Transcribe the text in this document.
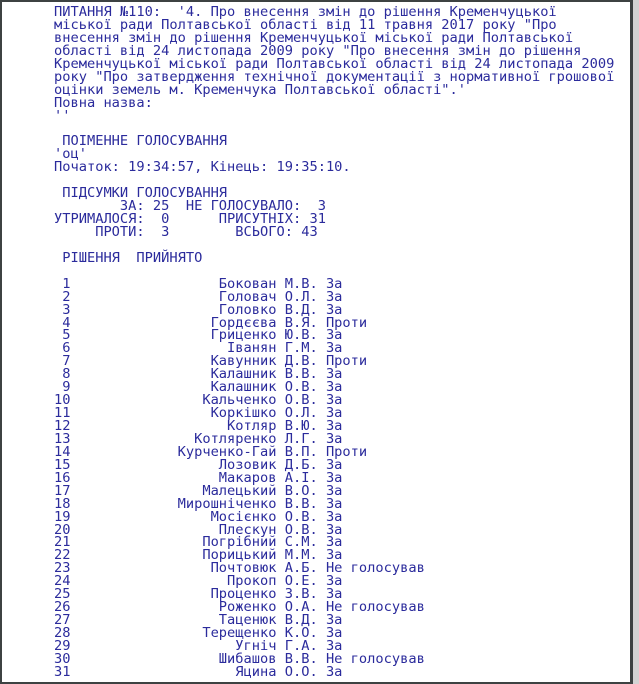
ПИТАННЯ №110:  '4. Про внесення змін до рішення Кременчуцької
міської ради Полтавської області від 11 травня 2017 року "Про
внесення змін до рішення Кременчуцької міської ради Полтавської
області від 24 листопада 2009 року "Про внесення змін до рішення
Кременчуцької міської ради Полтавської області від 24 листопада 2009
року "Про затвердження технічної документації з нормативної грошової
оцінки земель м. Кременчука Полтавської області".'
Повна назва:
''
ПОІМЕННЕ ГОЛОСУВАННЯ
'оц'
Початок: 19:34:57, Кінець: 19:35:10.
ПІДСУМКИ ГОЛОСУВАННЯ
ЗА: 25  НЕ ГОЛОСУВАЛО:  3
УТРИМАЛОСЯ:  0      ПРИСУТНІХ: 31
ПРОТИ:  3        ВСЬОГО: 43
РІШЕННЯ  ПРИЙНЯТО
1                  Бокован М.В. За
2                  Головач О.Л. За
3                  Головко В.Д. За
4                 Гордєєва В.Я. Проти
5                 Гриценко Ю.В. За
6                   Іванян Г.М. За
7                 Кавунник Д.В. Проти
8                 Калашник В.В. За
9                 Калашник О.В. За
10                Кальченко О.В. За
11                 Коркішко О.Л. За
12                   Котляр В.Ю. За
13               Котляренко Л.Г. За
14             Курченко-Гай В.П. Проти
15                  Лозовик Д.Б. За
16                  Макаров А.І. За
17                Малецький В.О. За
18             Мирошніченко В.В. За
19                 Мосієнко О.В. За
20                  Плескун О.В. За
21                Погрібний С.М. За
22                Порицький М.М. За
23                 Почтовюк А.Б. Не голосував
24                   Прокоп О.Е. За
25                 Проценко З.В. За
26                  Роженко О.А. Не голосував
27                  Таценюк В.Д. За
28                Терещенко К.О. За
29                    Угніч Г.А. За
30                  Шибашов В.В. Не голосував
31                    Яцина О.О. За
